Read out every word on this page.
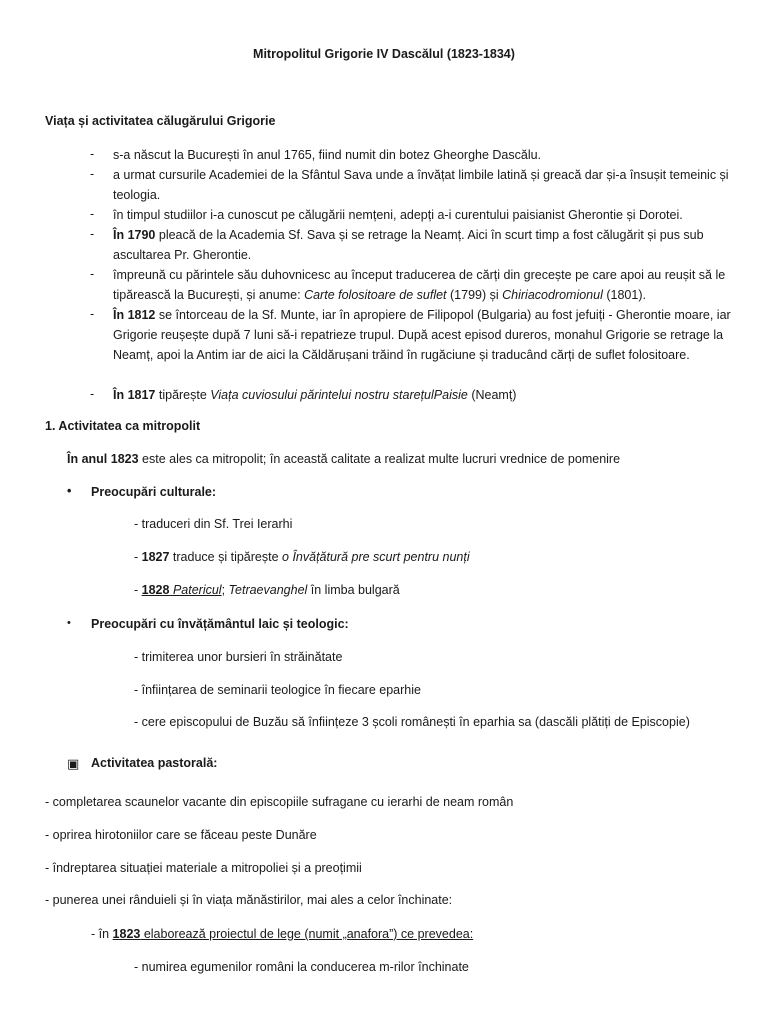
Mitropolitul Grigorie IV Dascălul (1823-1834)
Viața și activitatea călugărului Grigorie
- s-a născut la București în anul 1765, fiind numit din botez Gheorghe Dascălu.
- a urmat cursurile Academiei de la Sfântul Sava unde a învățat limbile latină și greacă dar și-a însușit temeinic și teologia.
- în timpul studiilor i-a cunoscut pe călugării nemțeni, adepți a-i curentului paisianist Gherontie și Dorotei.
- În 1790 pleacă de la Academia Sf. Sava și se retrage la Neamț. Aici în scurt timp a fost călugărit și pus sub ascultarea Pr. Gherontie.
- împreună cu părintele său duhovnicesc au început traducerea de cărți din grecește pe care apoi au reușit să le tipărească la București, și anume: Carte folositoare de suflet (1799) și Chiriacodromionul (1801).
- În 1812 se întorceau de la Sf. Munte, iar în apropiere de Filipopol (Bulgaria) au fost jefuiți - Gherontie moare, iar Grigorie reușește după 7 luni să-i repatrieze trupul. După acest episod dureros, monahul Grigorie se retrage la Neamț, apoi la Antim iar de aici la Căldărușani trăind în rugăciune și traducând cărți de suflet folositoare.
- În 1817 tipărește Viața cuviosului părintelui nostru starețulPaisie (Neamț)
1. Activitatea ca mitropolit
În anul 1823 este ales ca mitropolit; în această calitate a realizat multe lucruri vrednice de pomenire
• Preocupări culturale:
- traduceri din Sf. Trei Ierarhi
- 1827 traduce și tipărește o Învățătură pre scurt pentru nunți
- 1828 Patericul; Tetraevanghel în limba bulgară
• Preocupări cu învățământul laic și teologic:
- trimiterea unor bursieri în străinătate
- înființarea de seminarii teologice în fiecare eparhie
- cere episcopului de Buzău să înființeze 3 școli românești în eparhia sa (dascăli plătiți de Episcopie)
▣ Activitatea pastorală:
- completarea scaunelor vacante din episcopiile sufragane cu ierarhi de neam român
- oprirea hirotoniilor care se făceau peste Dunăre
- îndreptarea situației materiale a mitropoliei și a preoțimii
- punerea unei rânduieli și în viața mănăstirilor, mai ales a celor închinate:
- în 1823 elaborează proiectul de lege (numit „anafora”) ce prevedea:
- numirea egumenilor români la conducerea m-rilor închinate
